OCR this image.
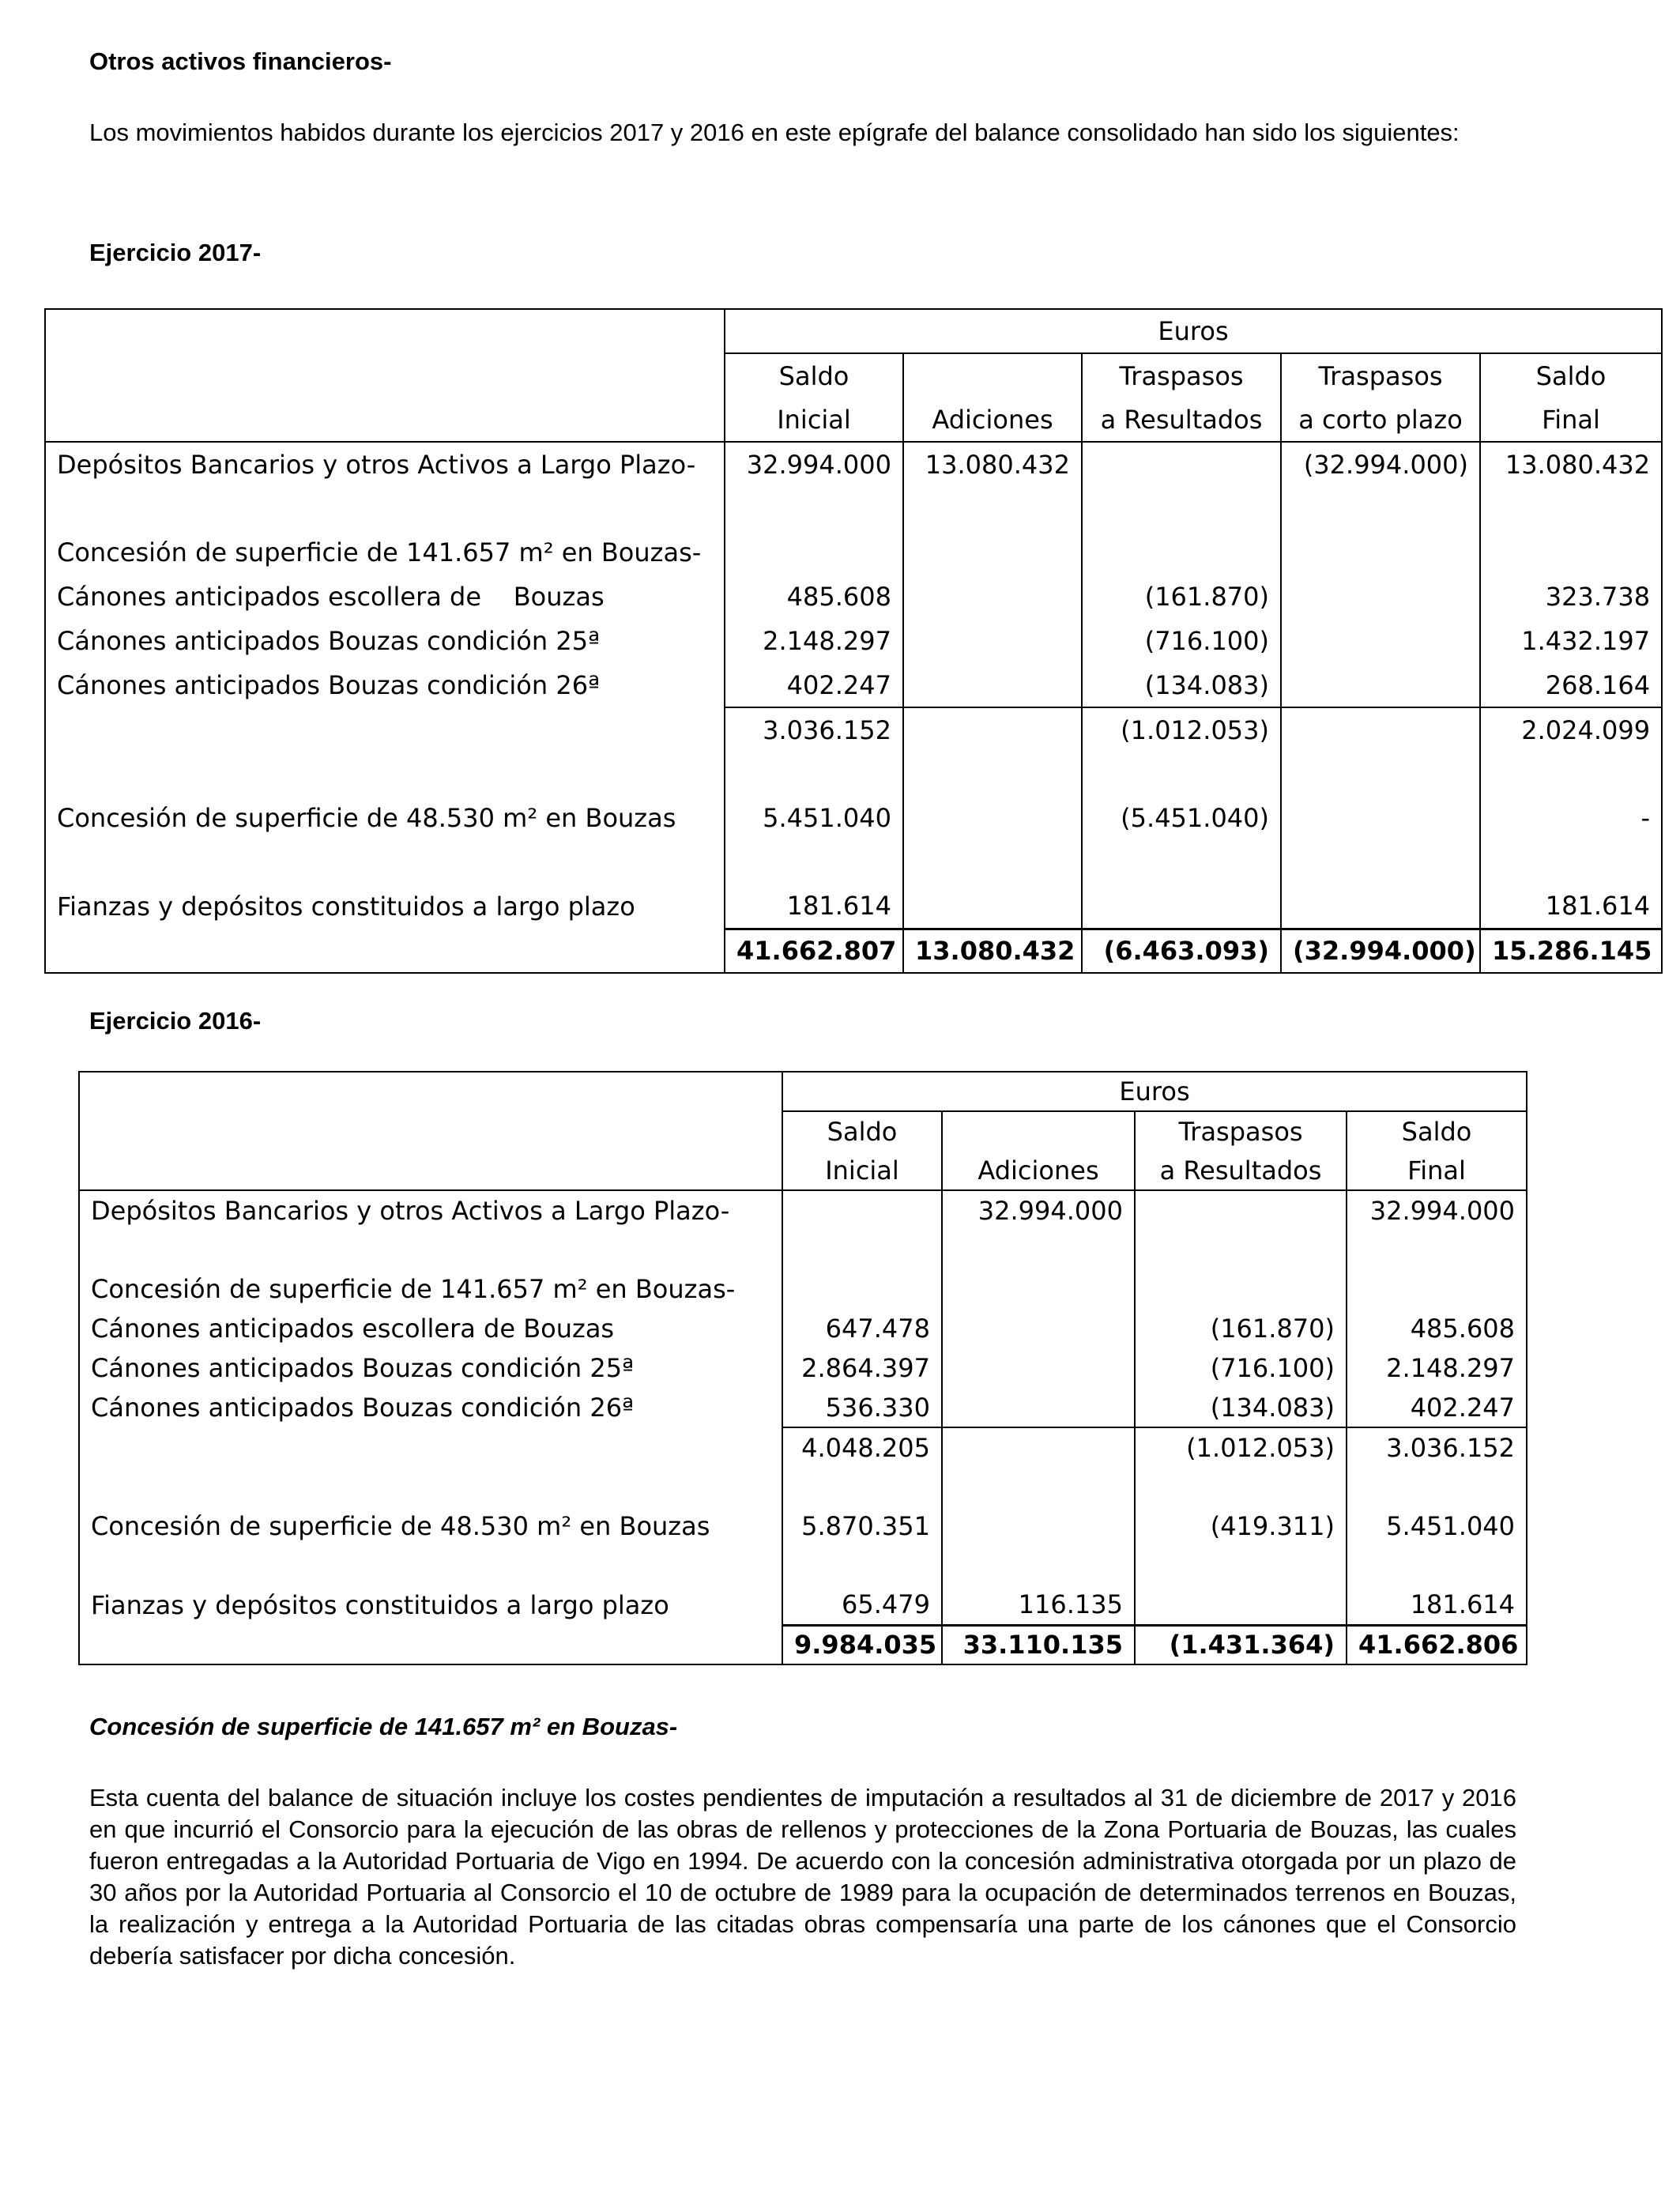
Otros activos financieros-

Los movimientos habidos durante los ejercicios 2017 y 2016 en este epígrafe del balance consolidado han sido los siguientes:

Ejercicio 2017-
	Euros				
	Saldo		Traspasos	Traspasos	Saldo
	Inicial	Adiciones	a Resultados	a corto plazo	Final
Depósitos Bancarios y otros Activos a Largo Plazo-	32.994.000	13.080.432		(32.994.000)	13.080.432

Concesión de superficie de 141.657 m² en Bouzas-					
Cánones anticipados escollera de    Bouzas	485.608		(161.870)		323.738
Cánones anticipados Bouzas condición 25ª	2.148.297		(716.100)		1.432.197
Cánones anticipados Bouzas condición 26ª	402.247		(134.083)		268.164
	3.036.152		(1.012.053)		2.024.099

Concesión de superficie de 48.530 m² en Bouzas	5.451.040		(5.451.040)		-

Fianzas y depósitos constituidos a largo plazo	181.614				181.614
	41.662.807	13.080.432	(6.463.093)	(32.994.000)	15.286.145
Ejercicio 2016-
	Euros			
	Saldo		Traspasos	Saldo
	Inicial	Adiciones	a Resultados	Final
Depósitos Bancarios y otros Activos a Largo Plazo-		32.994.000		32.994.000

Concesión de superficie de 141.657 m² en Bouzas-				
Cánones anticipados escollera de Bouzas	647.478		(161.870)	485.608
Cánones anticipados Bouzas condición 25ª	2.864.397		(716.100)	2.148.297
Cánones anticipados Bouzas condición 26ª	536.330		(134.083)	402.247
	4.048.205		(1.012.053)	3.036.152

Concesión de superficie de 48.530 m² en Bouzas	5.870.351		(419.311)	5.451.040

Fianzas y depósitos constituidos a largo plazo	65.479	116.135		181.614
	9.984.035	33.110.135	(1.431.364)	41.662.806
Concesión de superficie de 141.657 m² en Bouzas-

Esta cuenta del balance de situación incluye los costes pendientes de imputación a resultados al 31 de diciembre de 2017 y 2016 en que incurrió el Consorcio para la ejecución de las obras de rellenos y protecciones de la Zona Portuaria de Bouzas, las cuales fueron entregadas a la Autoridad Portuaria de Vigo en 1994. De acuerdo con la concesión administrativa otorgada por un plazo de 30 años por la Autoridad Portuaria al Consorcio el 10 de octubre de 1989 para la ocupación de determinados terrenos en Bouzas, la realización y entrega a la Autoridad Portuaria de las citadas obras compensaría una parte de los cánones que el Consorcio debería satisfacer por dicha concesión.
